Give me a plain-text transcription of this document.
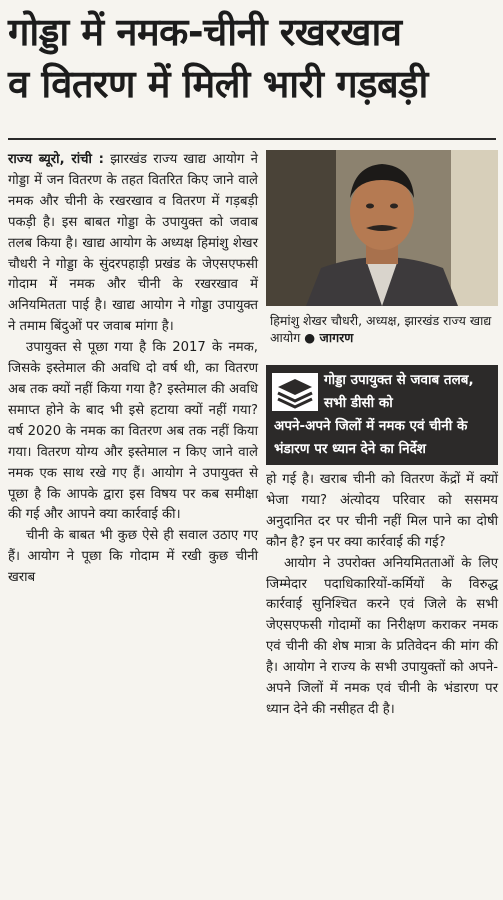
गोड्डा में नमक-चीनी रखरखाव
व वितरण में मिली भारी गड़बड़ी

राज्य ब्यूरो, रांची : झारखंड राज्य खाद्य आयोग ने गोड्डा में जन वितरण के तहत वितरित किए जाने वाले नमक और चीनी के रखरखाव व वितरण में गड़बड़ी पकड़ी है। इस बाबत गोड्डा के उपायुक्त को जवाब तलब किया है। खाद्य आयोग के अध्यक्ष हिमांशु शेखर चौधरी ने गोड्डा के सुंदरपहाड़ी प्रखंड के जेएसएफसी गोदाम में नमक और चीनी के रखरखाव में अनियमितता पाई है। खाद्य आयोग ने गोड्डा उपायुक्त ने तमाम बिंदुओं पर जवाब मांगा है।

उपायुक्त से पूछा गया है कि 2017 के नमक, जिसके इस्तेमाल की अवधि दो वर्ष थी, का वितरण अब तक क्यों नहीं किया गया है? इस्तेमाल की अवधि समाप्त होने के बाद भी इसे हटाया क्यों नहीं गया? वर्ष 2020 के नमक का वितरण अब तक नहीं किया गया। वितरण योग्य और इस्तेमाल न किए जाने वाले नमक एक साथ रखे गए हैं। आयोग ने उपायुक्त से पूछा है कि आपके द्वारा इस विषय पर कब समीक्षा की गई और आपने क्या कार्रवाई की।

चीनी के बाबत भी कुछ ऐसे ही सवाल उठाए गए हैं। आयोग ने पूछा कि गोदाम में रखी कुछ चीनी खराब

हिमांशु शेखर चौधरी, अध्यक्ष, झारखंड राज्य खाद्य आयोग ● जागरण
गोड्डा उपायुक्त से जवाब तलब, सभी डीसी को
अपने-अपने जिलों में नमक एवं चीनी के भंडारण पर ध्यान देने का निर्देश

हो गई है। खराब चीनी को वितरण केंद्रों में क्यों भेजा गया? अंत्योदय परिवार को ससमय अनुदानित दर पर चीनी नहीं मिल पाने का दोषी कौन है? इन पर क्या कार्रवाई की गई?

आयोग ने उपरोक्त अनियमितताओं के लिए जिम्मेदार पदाधिकारियों-कर्मियों के विरुद्ध कार्रवाई सुनिश्चित करने एवं जिले के सभी जेएसएफसी गोदामों का निरीक्षण कराकर नमक एवं चीनी की शेष मात्रा के प्रतिवेदन की मांग की है। आयोग ने राज्य के सभी उपायुक्तों को अपने-अपने जिलों में नमक एवं चीनी के भंडारण पर ध्यान देने की नसीहत दी है।
